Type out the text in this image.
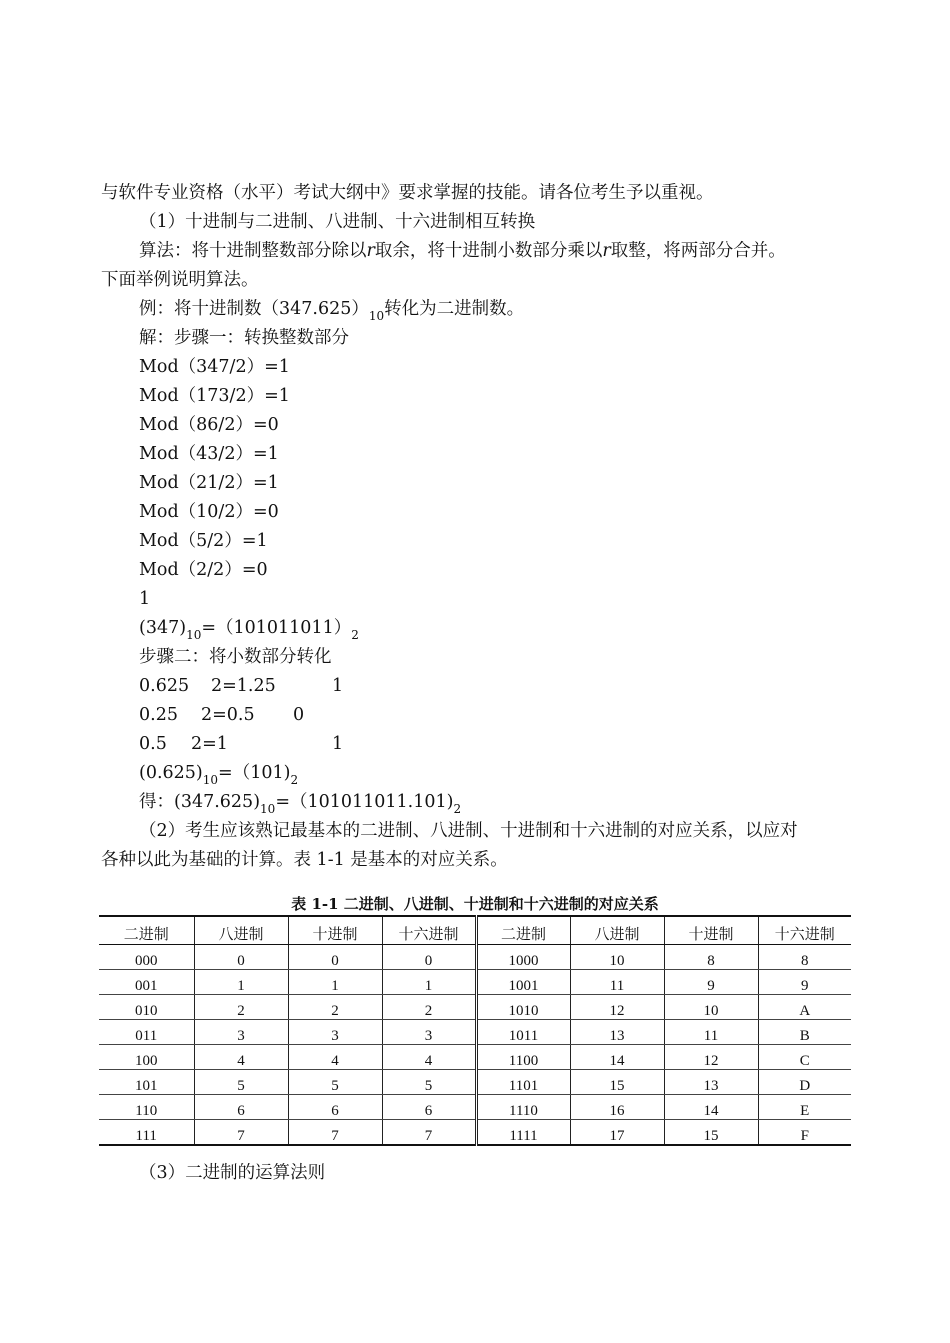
与软件专业资格（水平）考试大纲中》要求掌握的技能。请各位考生予以重视。

（1）十进制与二进制、八进制、十六进制相互转换

算法：将十进制整数部分除以r取余，将十进制小数部分乘以r取整，将两部分合并。

下面举例说明算法。

例：将十进制数$(347.625)_{10}$转化为二进制数。

解：步骤一：转换整数部分

Mod（347/2）=1

Mod（173/2）=1

Mod（86/2）=0

Mod（43/2）=1

Mod（21/2）=1

Mod（10/2）=0

Mod（5/2）=1

Mod（2/2）=0

1

$(347)_{10}=(101011011)_2$

步骤二：将小数部分转化

0.625 2=1.25	1

0.25 2=0.5 0

0.5 2=1	1

$(0.625)_{10}=(101)_2$

得：$(347.625)_{10}=(101011011.101)_2$

（2）考生应该熟记最基本的二进制、八进制、十进制和十六进制的对应关系，以应对

各种以此为基础的计算。表 1-1 是基本的对应关系。

表 1-1 二进制、八进制、十进制和十六进制的对应关系
二进制	八进制	十进制	十六进制	二进制	八进制	十进制	十六进制
000	0	0	0	1000	10	8	8
001	1	1	1	1001	11	9	9
010	2	2	2	1010	12	10	A
011	3	3	3	1011	13	11	B
100	4	4	4	1100	14	12	C
101	5	5	5	1101	15	13	D
110	6	6	6	1110	16	14	E
111	7	7	7	1111	17	15	F

（3）二进制的运算法则
